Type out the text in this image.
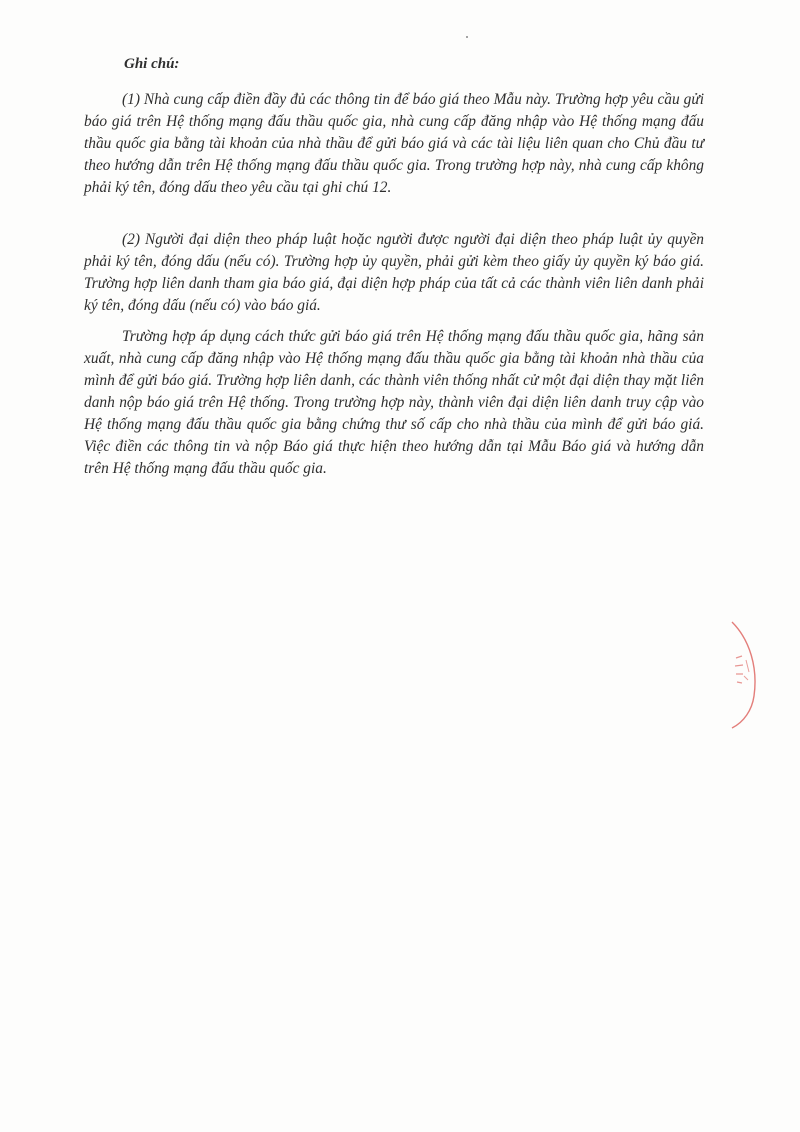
Ghi chú:

(1) Nhà cung cấp điền đầy đủ các thông tin để báo giá theo Mẫu này. Trường hợp yêu cầu gửi báo giá trên Hệ thống mạng đấu thầu quốc gia, nhà cung cấp đăng nhập vào Hệ thống mạng đấu thầu quốc gia bằng tài khoản của nhà thầu để gửi báo giá và các tài liệu liên quan cho Chủ đầu tư theo hướng dẫn trên Hệ thống mạng đấu thầu quốc gia. Trong trường hợp này, nhà cung cấp không phải ký tên, đóng dấu theo yêu cầu tại ghi chú 12.

(2) Người đại diện theo pháp luật hoặc người được người đại diện theo pháp luật ủy quyền phải ký tên, đóng dấu (nếu có). Trường hợp ủy quyền, phải gửi kèm theo giấy ủy quyền ký báo giá. Trường hợp liên danh tham gia báo giá, đại diện hợp pháp của tất cả các thành viên liên danh phải ký tên, đóng dấu (nếu có) vào báo giá.

Trường hợp áp dụng cách thức gửi báo giá trên Hệ thống mạng đấu thầu quốc gia, hãng sản xuất, nhà cung cấp đăng nhập vào Hệ thống mạng đấu thầu quốc gia bằng tài khoản nhà thầu của mình để gửi báo giá. Trường hợp liên danh, các thành viên thống nhất cử một đại diện thay mặt liên danh nộp báo giá trên Hệ thống. Trong trường hợp này, thành viên đại diện liên danh truy cập vào Hệ thống mạng đấu thầu quốc gia bằng chứng thư số cấp cho nhà thầu của mình để gửi báo giá. Việc điền các thông tin và nộp Báo giá thực hiện theo hướng dẫn tại Mẫu Báo giá và hướng dẫn trên Hệ thống mạng đấu thầu quốc gia.
